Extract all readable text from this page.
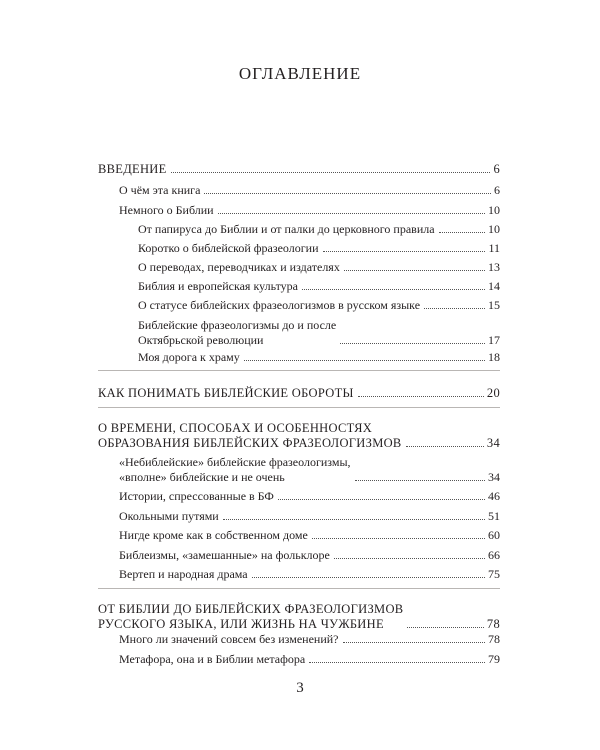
ОГЛАВЛЕНИЕ
ВВЕДЕНИЕ	6
О чём эта книга	6
Немного о Библии	10
От папируса до Библии и от палки до церковного правила	10
Коротко о библейской фразеологии	11
О переводах, переводчиках и издателях	13
Библия и европейская культура	14
О статусе библейских фразеологизмов в русском языке	15
Библейские фразеологизмы до и после
Октябрьской революции	17
Моя дорога к храму	18
КАК ПОНИМАТЬ БИБЛЕЙСКИЕ ОБОРОТЫ	20
О ВРЕМЕНИ, СПОСОБАХ И ОСОБЕННОСТЯХ
ОБРАЗОВАНИЯ БИБЛЕЙСКИХ ФРАЗЕОЛОГИЗМОВ	34
«Небиблейские» библейские фразеологизмы,
«вполне» библейские и не очень	34
Истории, спрессованные в БФ	46
Окольными путями	51
Нигде кроме как в собственном доме	60
Библеизмы, «замешанные» на фольклоре	66
Вертеп и народная драма	75
ОТ БИБЛИИ ДО БИБЛЕЙСКИХ ФРАЗЕОЛОГИЗМОВ
РУССКОГО ЯЗЫКА, ИЛИ ЖИЗНЬ НА ЧУЖБИНЕ	78
Много ли значений совсем без изменений?	78
Метафора, она и в Библии метафора	79
3
